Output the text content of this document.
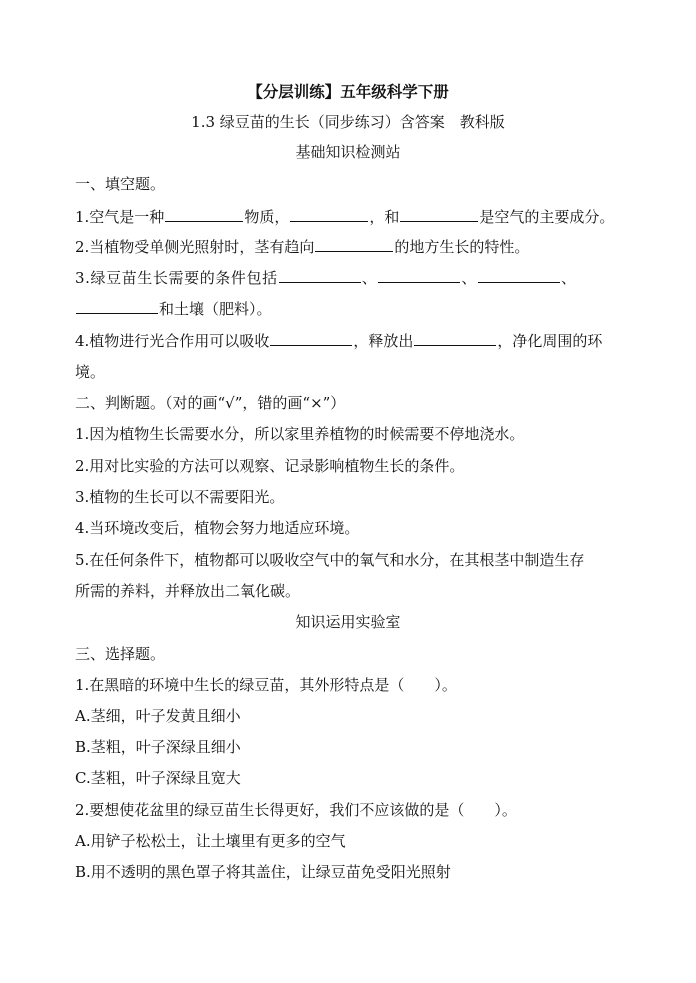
【分层训练】五年级科学下册
1.3 绿豆苗的生长（同步练习）含答案　教科版
基础知识检测站
一、填空题。
1.空气是一种	物质，	，和	是空气的主要成分。
2.当植物受单侧光照射时，茎有趋向	的地方生长的特性。
3.绿豆苗生长需要的条件包括	、	、	、
和土壤（肥料）。
4.植物进行光合作用可以吸收	，释放出	，净化周围的环
境。
二、判断题。（对的画“√”，错的画“×”）
1.因为植物生长需要水分，所以家里养植物的时候需要不停地浇水。
2.用对比实验的方法可以观察、记录影响植物生长的条件。
3.植物的生长可以不需要阳光。
4.当环境改变后，植物会努力地适应环境。
5.在任何条件下，植物都可以吸收空气中的氧气和水分，在其根茎中制造生存
所需的养料，并释放出二氧化碳。
知识运用实验室
三、选择题。
1.在黑暗的环境中生长的绿豆苗，其外形特点是（　　）。
A.茎细，叶子发黄且细小
B.茎粗，叶子深绿且细小
C.茎粗，叶子深绿且宽大
2.要想使花盆里的绿豆苗生长得更好，我们不应该做的是（　　）。
A.用铲子松松土，让土壤里有更多的空气
B.用不透明的黑色罩子将其盖住，让绿豆苗免受阳光照射
